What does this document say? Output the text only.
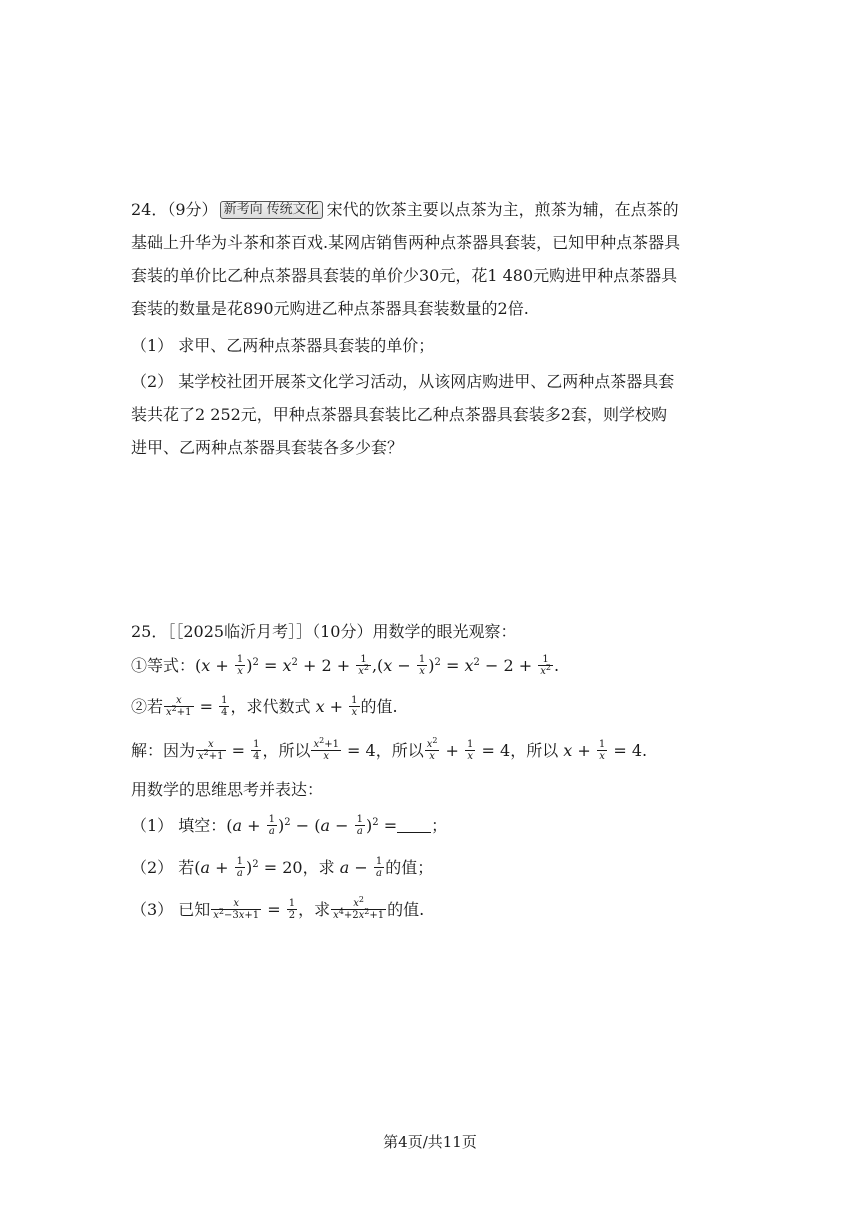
24．（9分） 新考向 传统文化 宋代的饮茶主要以点茶为主，煎茶为辅，在点茶的
基础上升华为斗茶和茶百戏.某网店销售两种点茶器具套装，已知甲种点茶器具
套装的单价比乙种点茶器具套装的单价少30元，花1 480元购进甲种点茶器具
套装的数量是花890元购进乙种点茶器具套装数量的2倍.
（1） 求甲、乙两种点茶器具套装的单价；
（2） 某学校社团开展茶文化学习活动，从该网店购进甲、乙两种点茶器具套
装共花了2 252元，甲种点茶器具套装比乙种点茶器具套装多2套，则学校购
进甲、乙两种点茶器具套装各多少套？
25．［［2025临沂月考］］（10分）用数学的眼光观察：
①等式：$(x + \frac{1}{x} )^2 = x^2 + 2 + \frac{1}{x^2} ,(x - \frac{1}{x} )^2 = x^2 - 2 + \frac{1}{x^2}$ .
②若 $\frac{x}{x^2+1} = \frac{1}{4}$ ，求代数式 $x + \frac{1}{x}$ 的值.
解：因为 $\frac{x}{x^2+1} = \frac{1}{4}$ ，所以 $\frac{x^2+1}{x} = 4$，所以 $\frac{x^2}{x} + \frac{1}{x} = 4$，所以 $x + \frac{1}{x} = 4$.
用数学的思维思考并表达：
（1） 填空：$(a + \frac{1}{a} )^2 - (a - \frac{1}{a} )^2$ = ；
（2） 若$(a + \frac{1}{a} )^2 = 20$，求 $a - \frac{1}{a}$ 的值；
（3） 已知 $\frac{x}{x^2-3x+1} = \frac{1}{2}$ ，求 $\frac{x^2}{x^4+2x^2+1}$ 的值.
第4页/共11页
